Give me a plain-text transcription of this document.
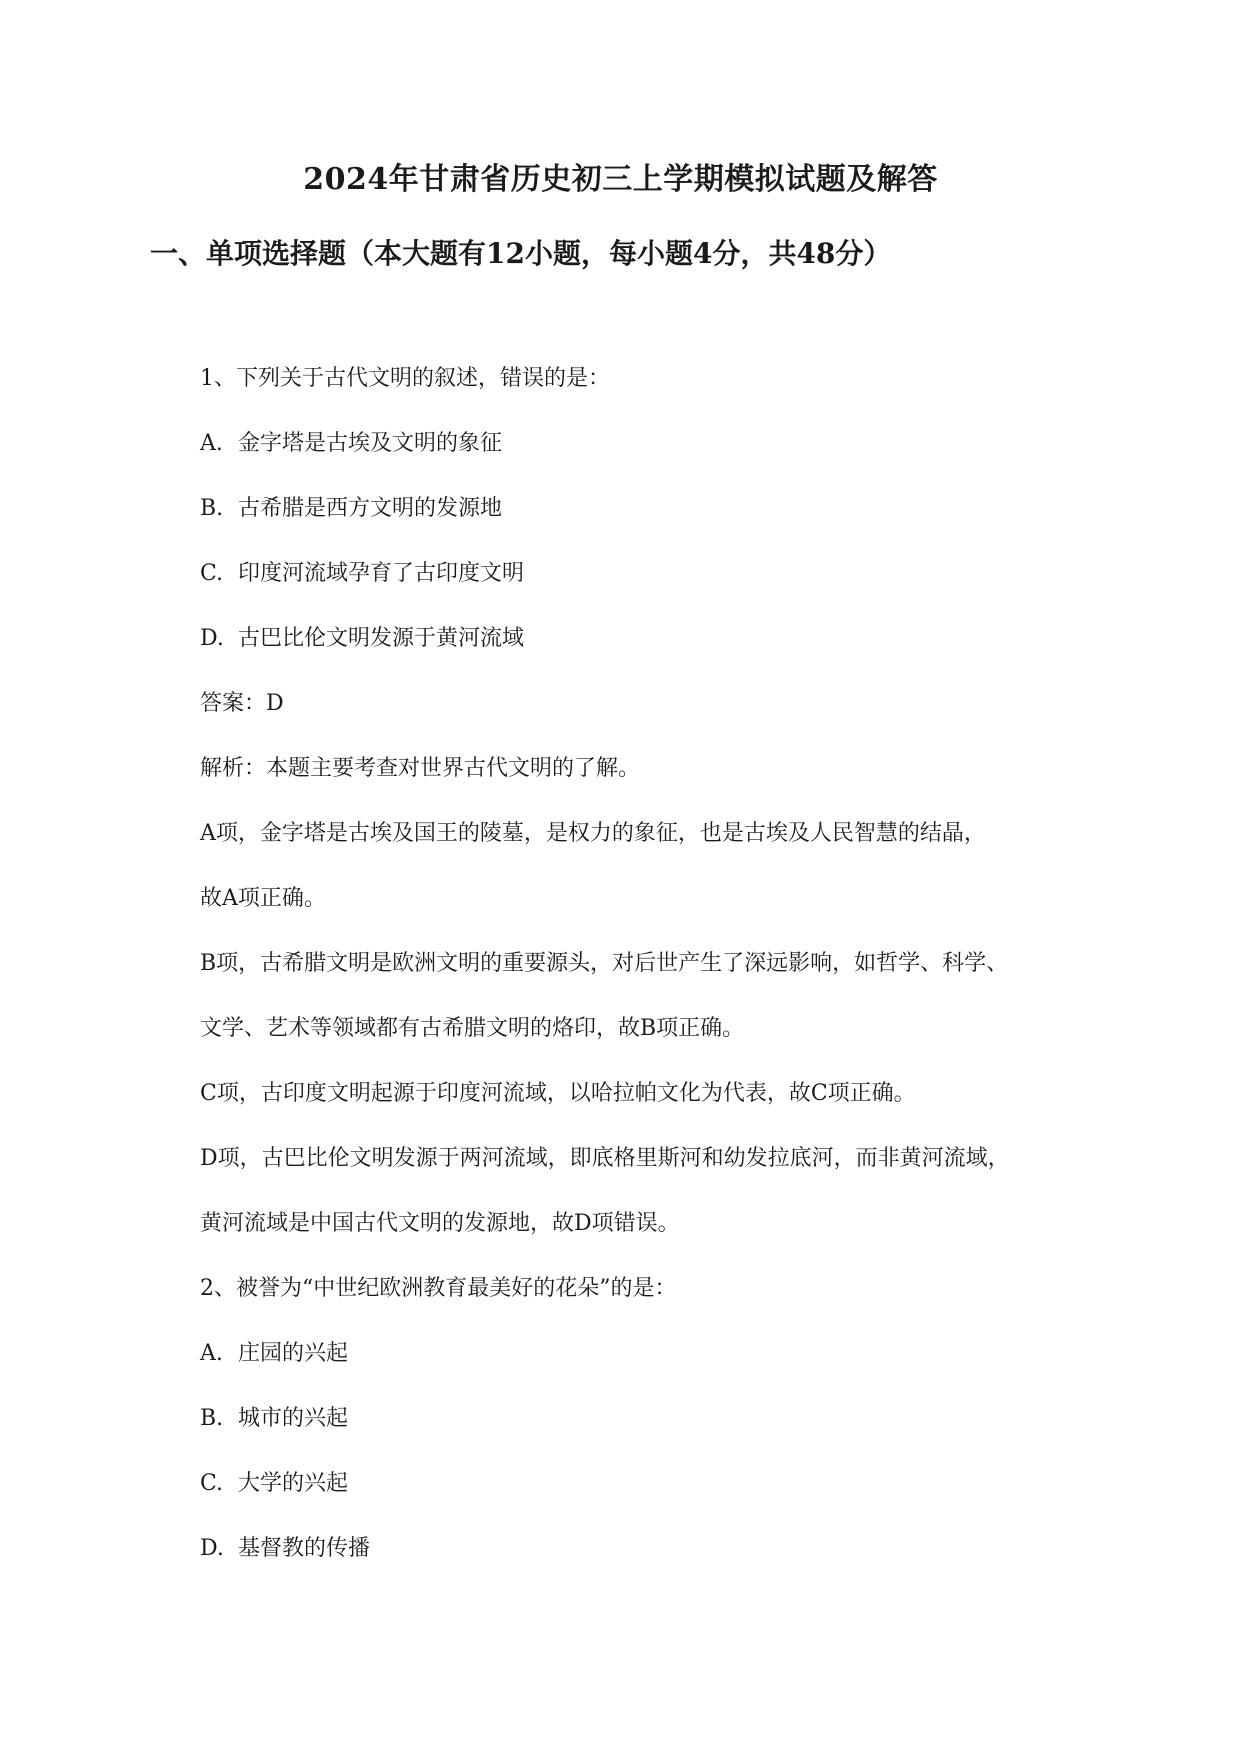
2024年甘肃省历史初三上学期模拟试题及解答
一、单项选择题（本大题有12小题，每小题4分，共48分）
1、下列关于古代文明的叙述，错误的是：
A. 金字塔是古埃及文明的象征
B. 古希腊是西方文明的发源地
C. 印度河流域孕育了古印度文明
D. 古巴比伦文明发源于黄河流域
答案：D
解析：本题主要考查对世界古代文明的了解。
A项，金字塔是古埃及国王的陵墓，是权力的象征，也是古埃及人民智慧的结晶，
故A项正确。
B项，古希腊文明是欧洲文明的重要源头，对后世产生了深远影响，如哲学、科学、
文学、艺术等领域都有古希腊文明的烙印，故B项正确。
C项，古印度文明起源于印度河流域，以哈拉帕文化为代表，故C项正确。
D项，古巴比伦文明发源于两河流域，即底格里斯河和幼发拉底河，而非黄河流域，
黄河流域是中国古代文明的发源地，故D项错误。
2、被誉为“中世纪欧洲教育最美好的花朵”的是：
A. 庄园的兴起
B. 城市的兴起
C. 大学的兴起
D. 基督教的传播
